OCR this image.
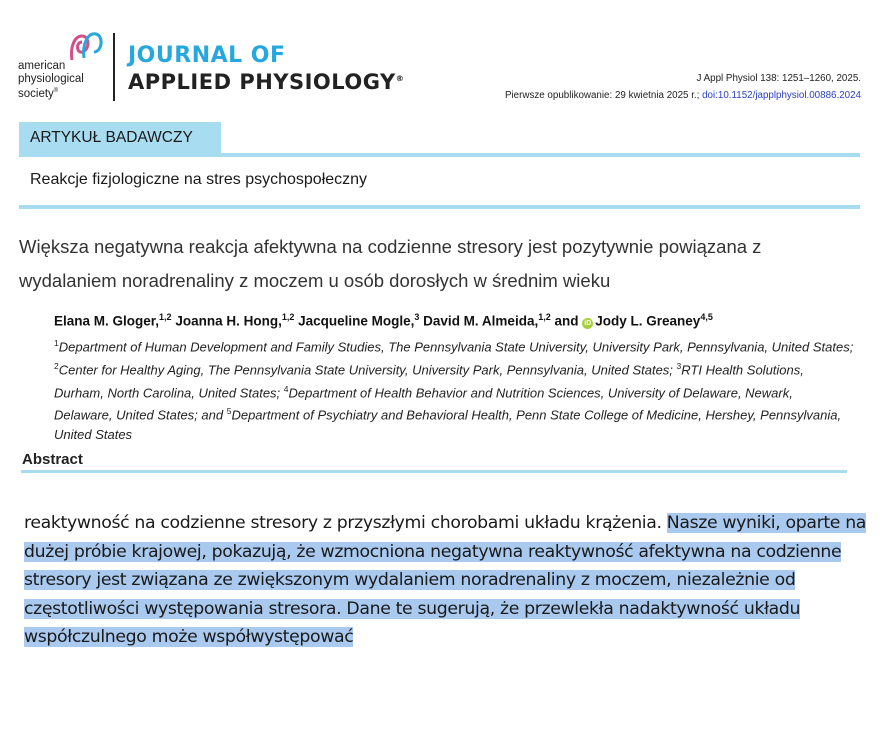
american
physiological
society®
JOURNAL OF
APPLIED PHYSIOLOGY®	J Appl Physiol 138: 1251–1260, 2025.
Pierwsze opublikowanie: 29 kwietnia 2025 r.; doi:10.1152/japplphysiol.00886.2024
ARTYKUŁ BADAWCZY
Reakcje fizjologiczne na stres psychospołeczny
Większa negatywna reakcja afektywna na codzienne stresory jest pozytywnie powiązana z wydalaniem noradrenaliny z moczem u osób dorosłych w średnim wieku
Elana M. Gloger,$^{1,2}$ Joanna H. Hong,$^{1,2}$ Jacqueline Mogle,$^3$ David M. Almeida,$^{1,2}$ and iD Jody L. Greaney$^{4,5}$
$^1$Department of Human Development and Family Studies, The Pennsylvania State University, University Park, Pennsylvania, United States; $^2$Center for Healthy Aging, The Pennsylvania State University, University Park, Pennsylvania, United States; $^3$RTI Health Solutions, Durham, North Carolina, United States; $^4$Department of Health Behavior and Nutrition Sciences, University of Delaware, Newark, Delaware, United States; and $^5$Department of Psychiatry and Behavioral Health, Penn State College of Medicine, Hershey, Pennsylvania, United States
Abstract
reaktywność na codzienne stresory z przyszłymi chorobami układu krążenia. Nasze wyniki, oparte na dużej próbie krajowej, pokazują, że wzmocniona negatywna reaktywność afektywna na codzienne stresory jest związana ze zwiększonym wydalaniem noradrenaliny z moczem, niezależnie od częstotliwości występowania stresora. Dane te sugerują, że przewlekła nadaktywność układu współczulnego może współwystępować
